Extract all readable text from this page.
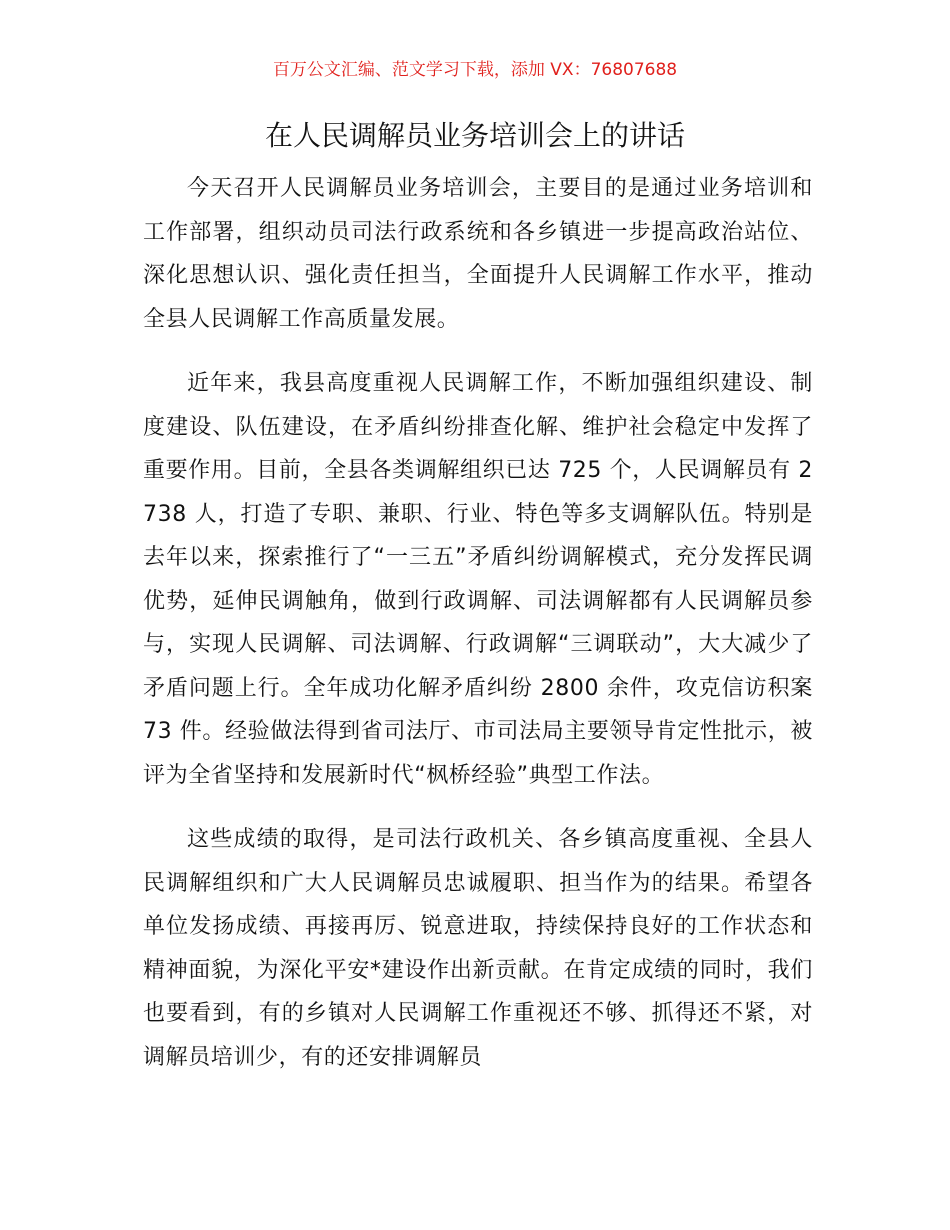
百万公文汇编、范文学习下载，添加 VX：76807688
在人民调解员业务培训会上的讲话

今天召开人民调解员业务培训会，主要目的是通过业务培训和工作部署，组织动员司法行政系统和各乡镇进一步提高政治站位、深化思想认识、强化责任担当，全面提升人民调解工作水平，推动全县人民调解工作高质量发展。

近年来，我县高度重视人民调解工作，不断加强组织建设、制度建设、队伍建设，在矛盾纠纷排查化解、维护社会稳定中发挥了重要作用。目前，全县各类调解组织已达 725 个，人民调解员有 2738 人，打造了专职、兼职、行业、特色等多支调解队伍。特别是去年以来，探索推行了“一三五”矛盾纠纷调解模式，充分发挥民调优势，延伸民调触角，做到行政调解、司法调解都有人民调解员参与，实现人民调解、司法调解、行政调解“三调联动”，大大减少了矛盾问题上行。全年成功化解矛盾纠纷 2800 余件，攻克信访积案 73 件。经验做法得到省司法厅、市司法局主要领导肯定性批示，被评为全省坚持和发展新时代“枫桥经验”典型工作法。

这些成绩的取得，是司法行政机关、各乡镇高度重视、全县人民调解组织和广大人民调解员忠诚履职、担当作为的结果。希望各单位发扬成绩、再接再厉、锐意进取，持续保持良好的工作状态和精神面貌，为深化平安*建设作出新贡献。在肯定成绩的同时，我们也要看到，有的乡镇对人民调解工作重视还不够、抓得还不紧，对调解员培训少，有的还安排调解员
